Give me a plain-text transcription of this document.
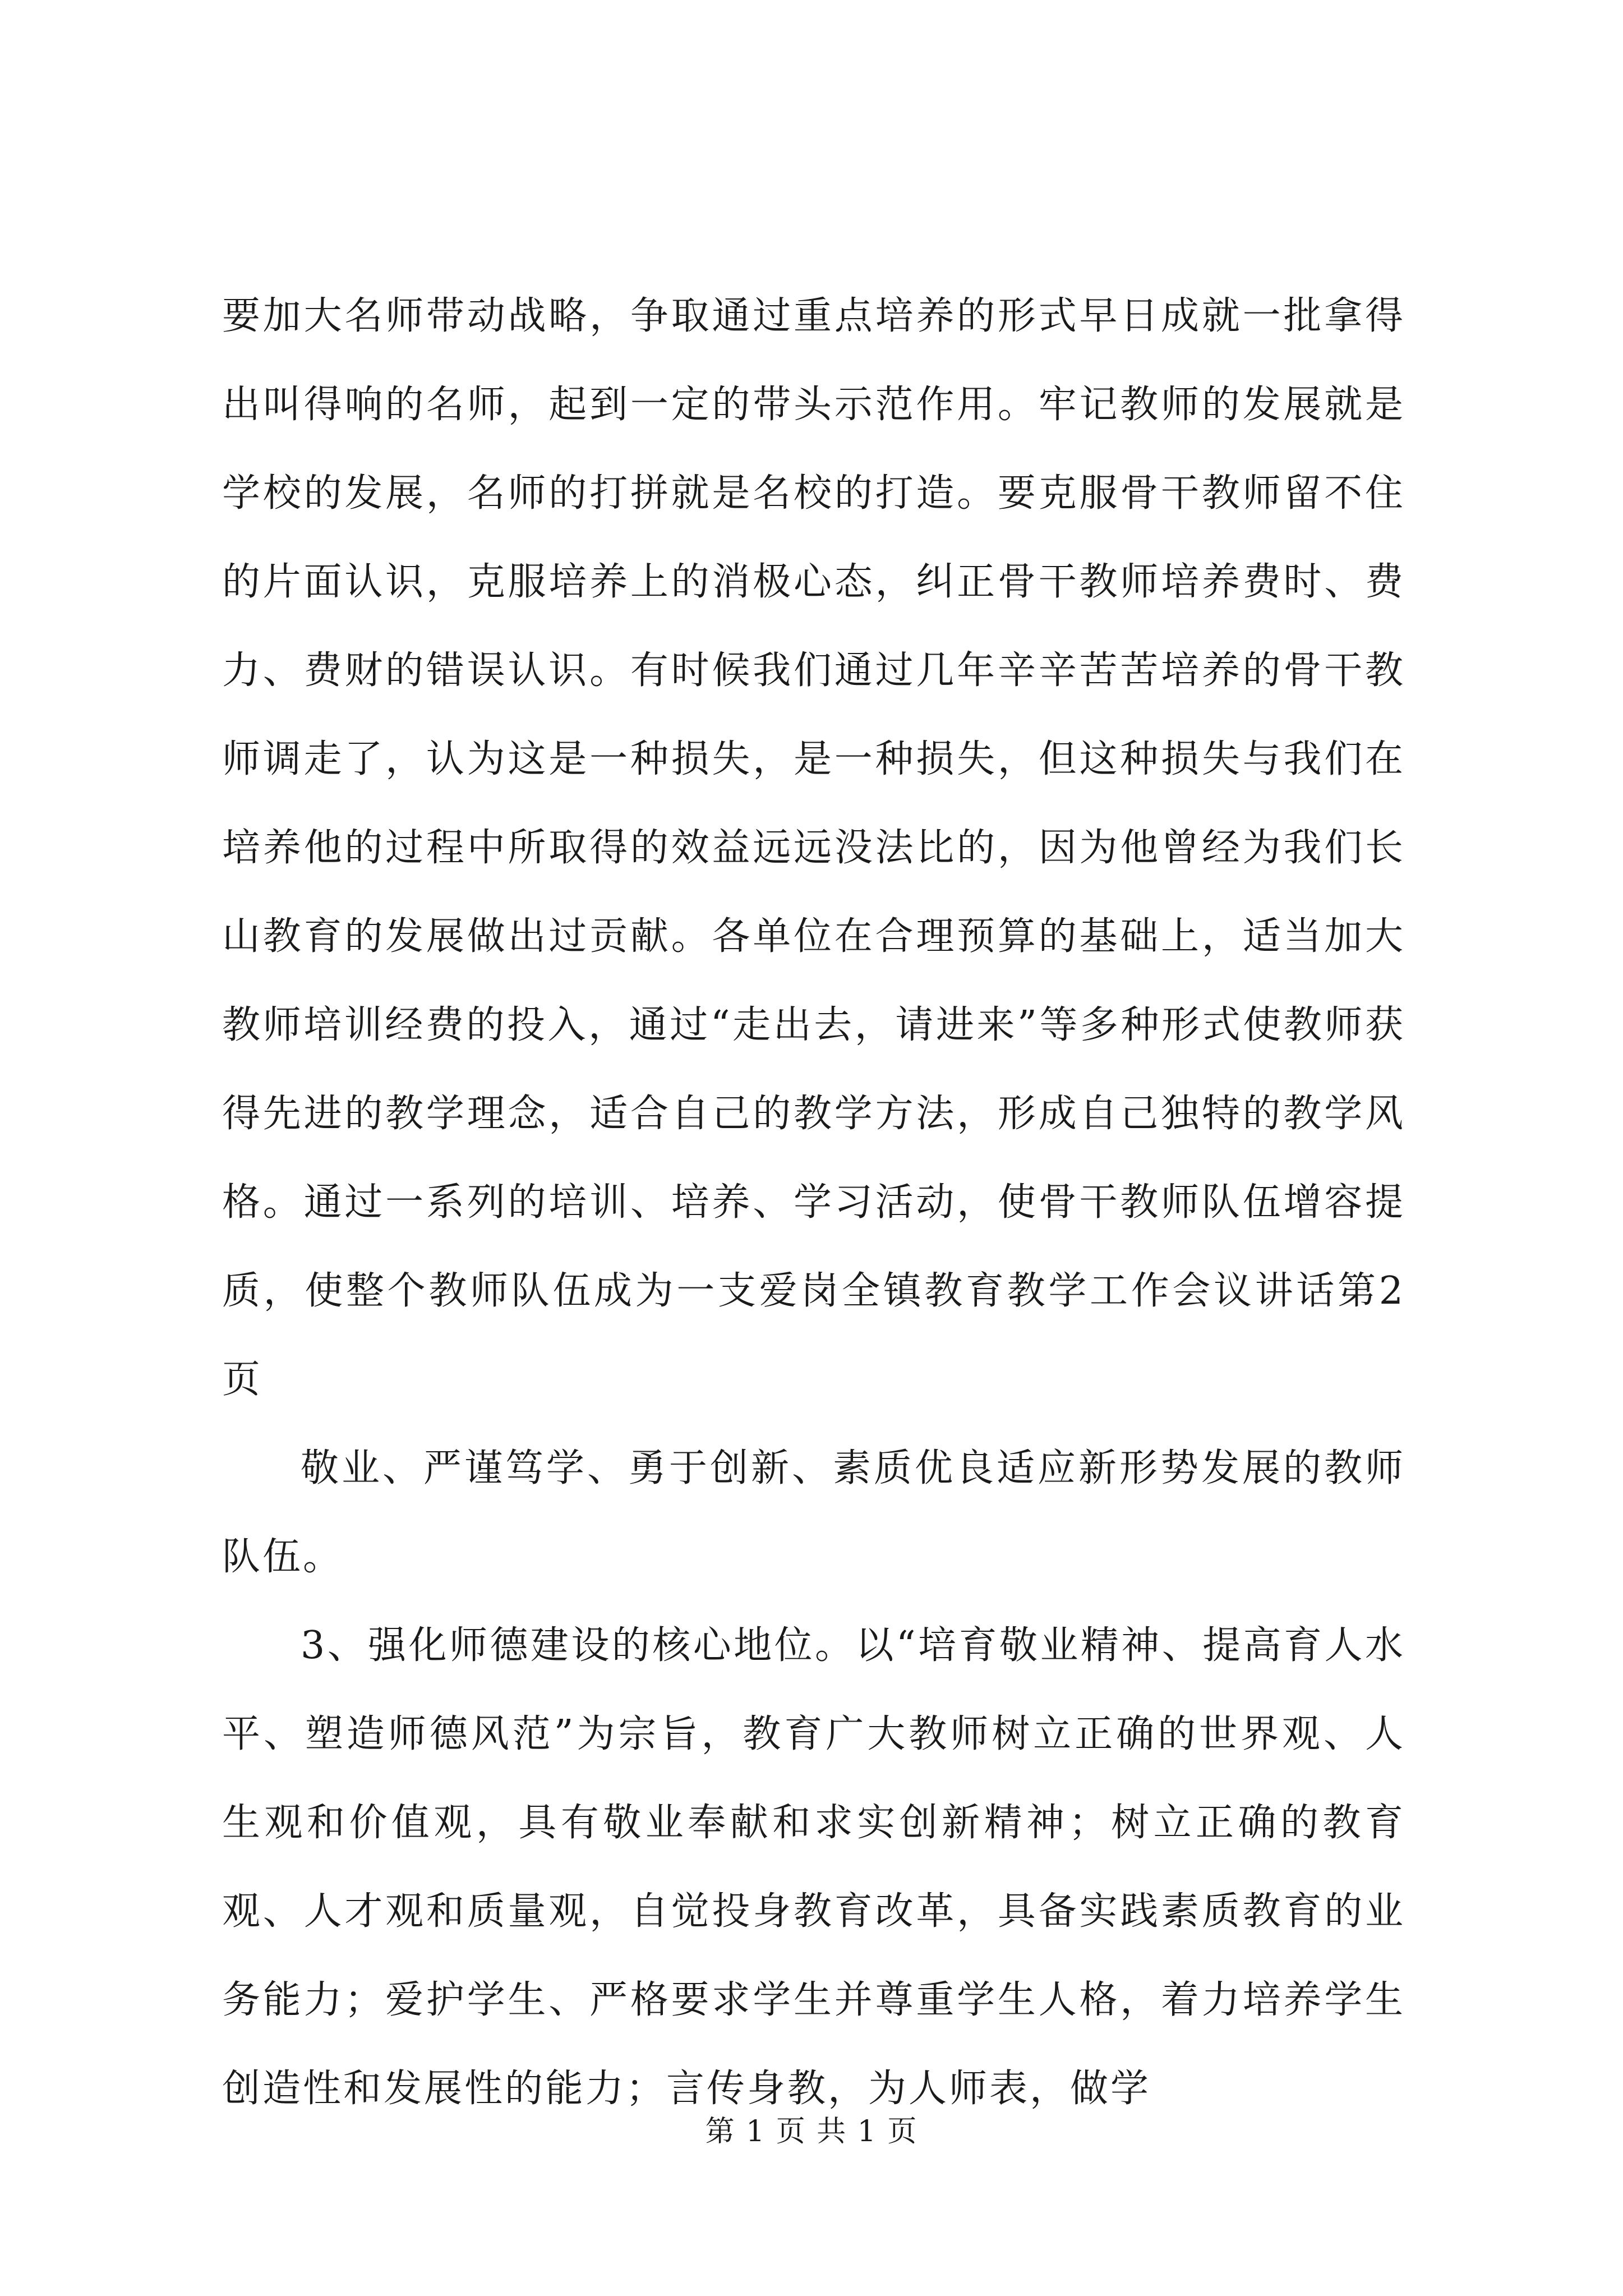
要加大名师带动战略，争取通过重点培养的形式早日成就一批拿得出叫得响的名师，起到一定的带头示范作用。牢记教师的发展就是学校的发展，名师的打拼就是名校的打造。要克服骨干教师留不住的片面认识，克服培养上的消极心态，纠正骨干教师培养费时、费力、费财的错误认识。有时候我们通过几年辛辛苦苦培养的骨干教师调走了，认为这是一种损失，是一种损失，但这种损失与我们在培养他的过程中所取得的效益远远没法比的，因为他曾经为我们长山教育的发展做出过贡献。各单位在合理预算的基础上，适当加大教师培训经费的投入，通过“走出去，请进来”等多种形式使教师获得先进的教学理念，适合自己的教学方法，形成自己独特的教学风格。通过一系列的培训、培养、学习活动，使骨干教师队伍增容提质，使整个教师队伍成为一支爱岗全镇教育教学工作会议讲话第2页

敬业、严谨笃学、勇于创新、素质优良适应新形势发展的教师队伍。

3、强化师德建设的核心地位。以“培育敬业精神、提高育人水平、塑造师德风范”为宗旨，教育广大教师树立正确的世界观、人生观和价值观，具有敬业奉献和求实创新精神；树立正确的教育观、人才观和质量观，自觉投身教育改革，具备实践素质教育的业务能力；爱护学生、严格要求学生并尊重学生人格，着力培养学生创造性和发展性的能力；言传身教，为人师表，做学

第 1 页 共 1 页
